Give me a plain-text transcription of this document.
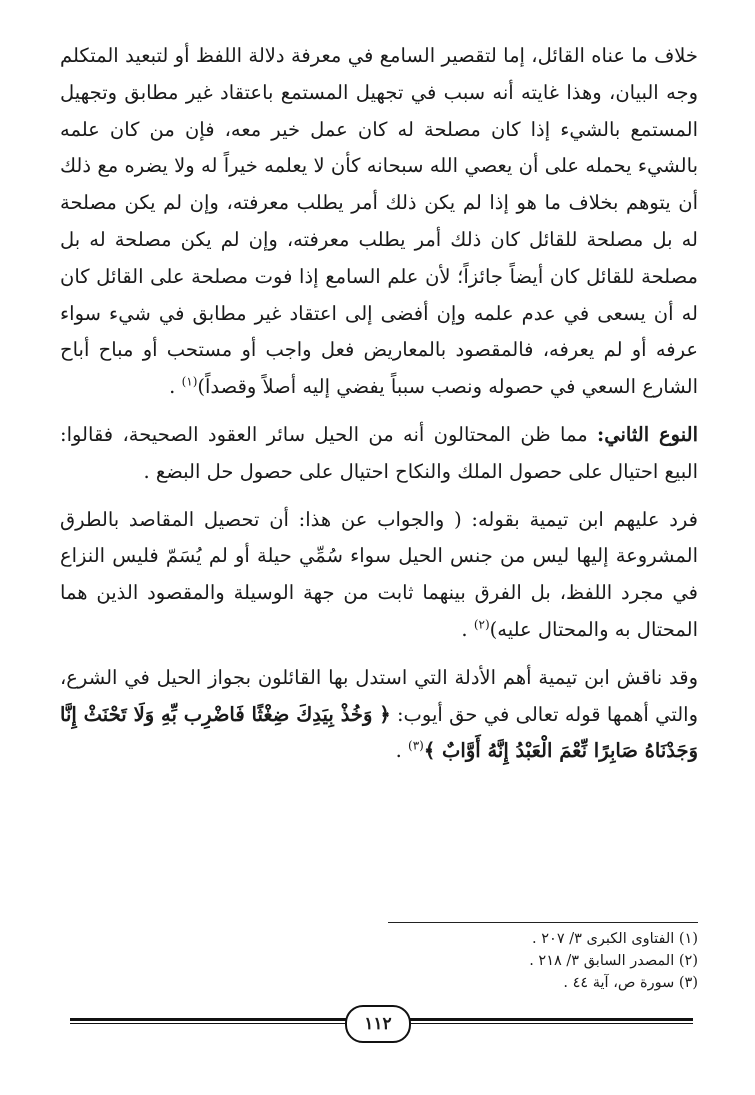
خلاف ما عناه القائل، إما لتقصير السامع في معرفة دلالة اللفظ أو لتبعيد المتكلم وجه البيان، وهذا غايته أنه سبب في تجهيل المستمع باعتقاد غير مطابق وتجهيل المستمع بالشيء إذا كان مصلحة له كان عمل خير معه، فإن من كان علمه بالشيء يحمله على أن يعصي الله سبحانه كأن لا يعلمه خيراً له ولا يضره مع ذلك أن يتوهم بخلاف ما هو إذا لم يكن ذلك أمر يطلب معرفته، وإن لم يكن مصلحة له بل مصلحة للقائل كان ذلك أمر يطلب معرفته، وإن لم يكن مصلحة له بل مصلحة للقائل كان أيضاً جائزاً؛ لأن علم السامع إذا فوت مصلحة على القائل كان له أن يسعى في عدم علمه وإن أفضى إلى اعتقاد غير مطابق في شيء سواء عرفه أو لم يعرفه، فالمقصود بالمعاريض فعل واجب أو مستحب أو مباح أباح الشارع السعي في حصوله ونصب سبباً يفضي إليه أصلاً وقصداً)$^{(١)}$ .

النوع الثاني: مما ظن المحتالون أنه من الحيل سائر العقود الصحيحة، فقالوا: البيع احتيال على حصول الملك والنكاح احتيال على حصول حل البضع .

فرد عليهم ابن تيمية بقوله: ( والجواب عن هذا: أن تحصيل المقاصد بالطرق المشروعة إليها ليس من جنس الحيل سواء سُمِّي حيلة أو لم يُسَمّ فليس النزاع في مجرد اللفظ، بل الفرق بينهما ثابت من جهة الوسيلة والمقصود الذين هما المحتال به والمحتال عليه)$^{(٢)}$ .

وقد ناقش ابن تيمية أهم الأدلة التي استدل بها القائلون بجواز الحيل في الشرع، والتي أهمها قوله تعالى في حق أيوب: ﴿ وَخُذْ بِيَدِكَ ضِغْثًا فَاضْرِب بِّهِ وَلَا تَحْنَثْ إِنَّا وَجَدْنَاهُ صَابِرًا نِّعْمَ الْعَبْدُ إِنَّهُ أَوَّابٌ ﴾$^{(٣)}$ .

(١) الفتاوى الكبرى ٣/ ٢٠٧ .

(٢) المصدر السابق ٣/ ٢١٨ .

(٣) سورة ص، آية ٤٤ .

١١٢
